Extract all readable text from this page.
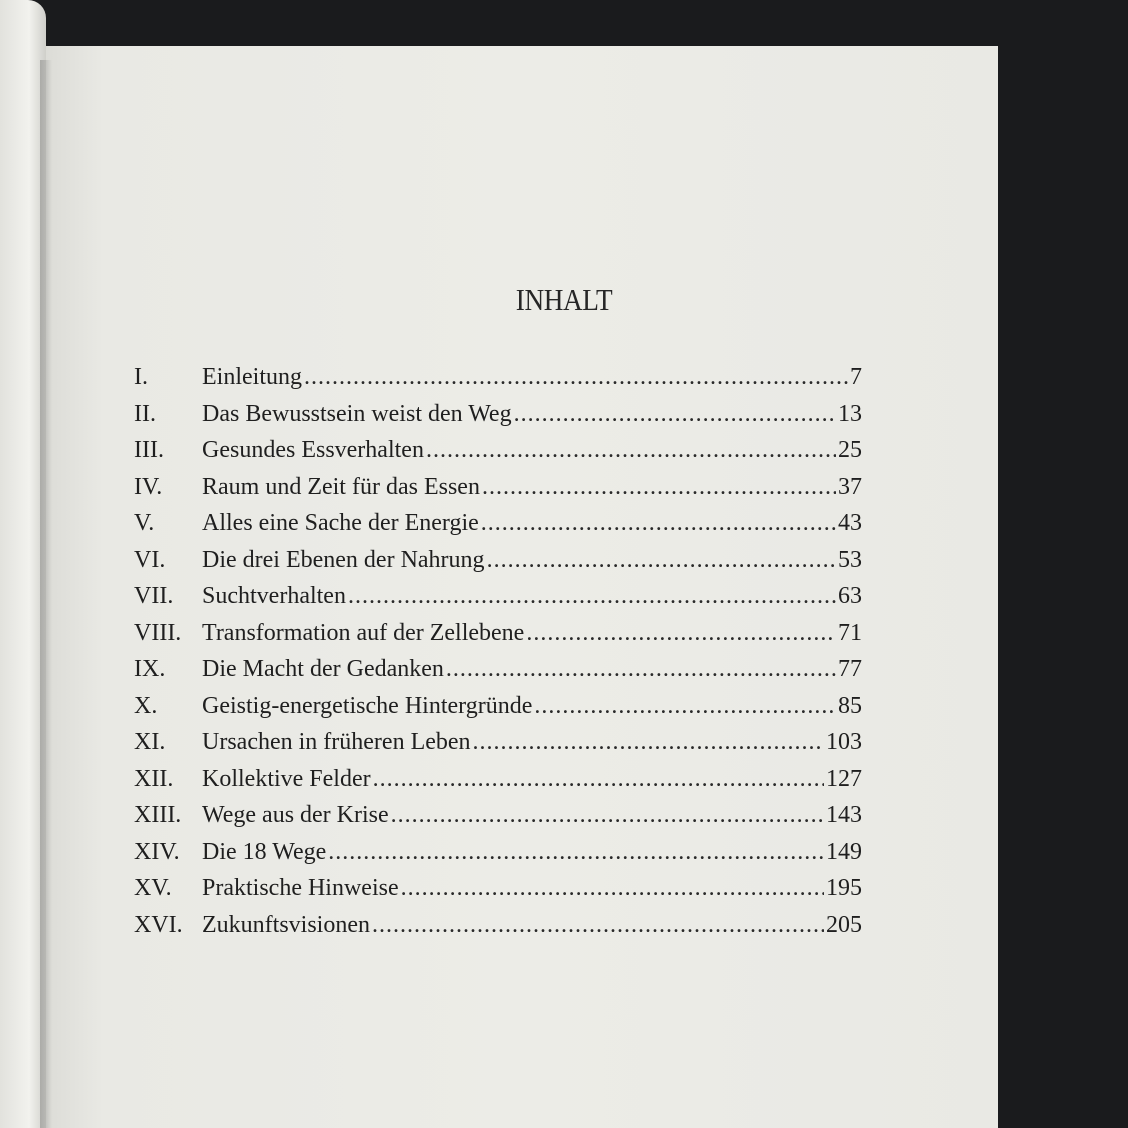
INHALT
I.	Einleitung .....	7
II.	Das Bewusstsein weist den Weg .....	13
III.	Gesundes Essverhalten .....	25
IV.	Raum und Zeit für das Essen .....	37
V.	Alles eine Sache der Energie .....	43
VI.	Die drei Ebenen der Nahrung .....	53
VII.	Suchtverhalten .....	63
VIII. Transformation auf der Zellebene .....	71
IX.	Die Macht der Gedanken .....	77
X.	Geistig-energetische Hintergründe .....	85
XI.	Ursachen in früheren Leben .....	103
XII.	Kollektive Felder .....	127
XIII. Wege aus der Krise .....	143
XIV. Die 18 Wege .....	149
XV.	Praktische Hinweise .....	195
XVI. Zukunftsvisionen .....	205
